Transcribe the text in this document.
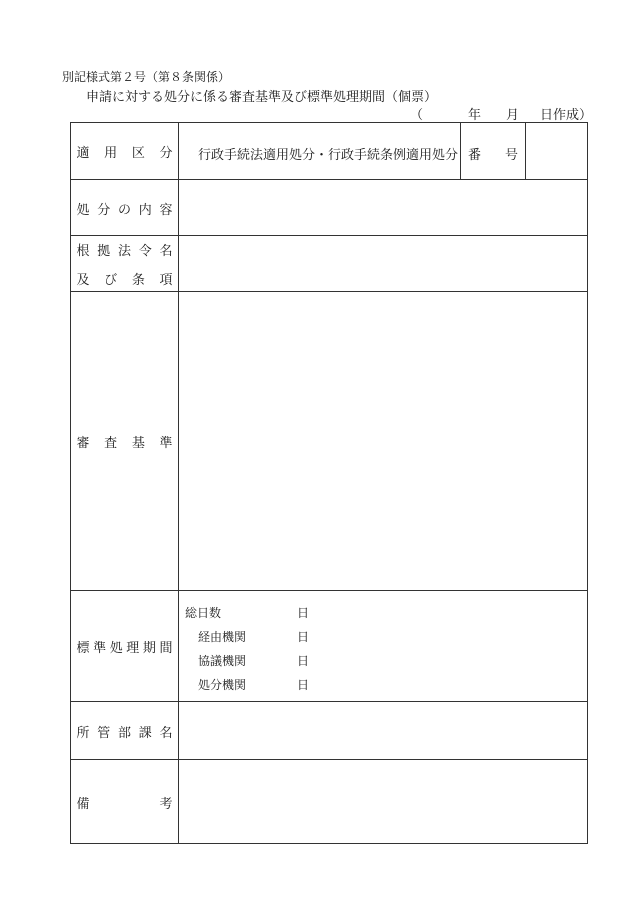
別記様式第２号（第８条関係）
申請に対する処分に係る審査基準及び標準処理期間（個票）
（	年 月 日作成）
適 用 区 分 行政手続法適用処分・行政手続条例適用処分 番 号
処 分 の 内 容
根 拠 法 令 名
及 び 条 項
審 査 基 準
標 準 処 理 期 間
総日数	日
経由機関	日
協議機関	日
処分機関	日
所 管 部 課 名
備	考
